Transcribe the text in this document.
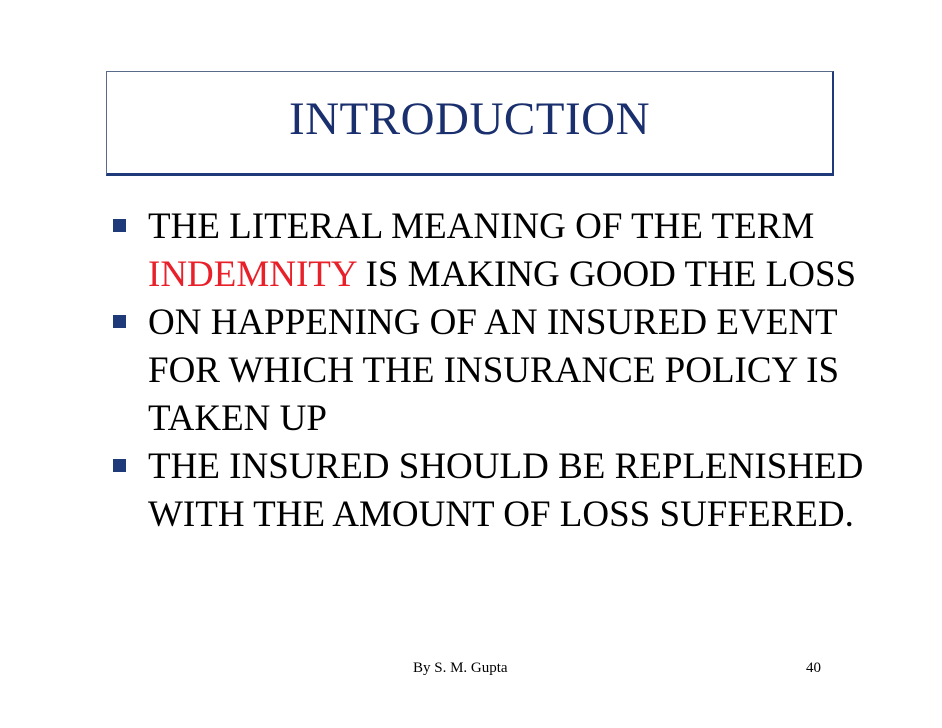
INTRODUCTION
THE LITERAL MEANING OF THE TERM INDEMNITY IS MAKING GOOD THE LOSS
ON HAPPENING OF AN INSURED EVENT FOR WHICH THE INSURANCE POLICY IS TAKEN UP
THE INSURED SHOULD BE REPLENISHED WITH THE AMOUNT OF LOSS SUFFERED.
By S. M. Gupta	40
